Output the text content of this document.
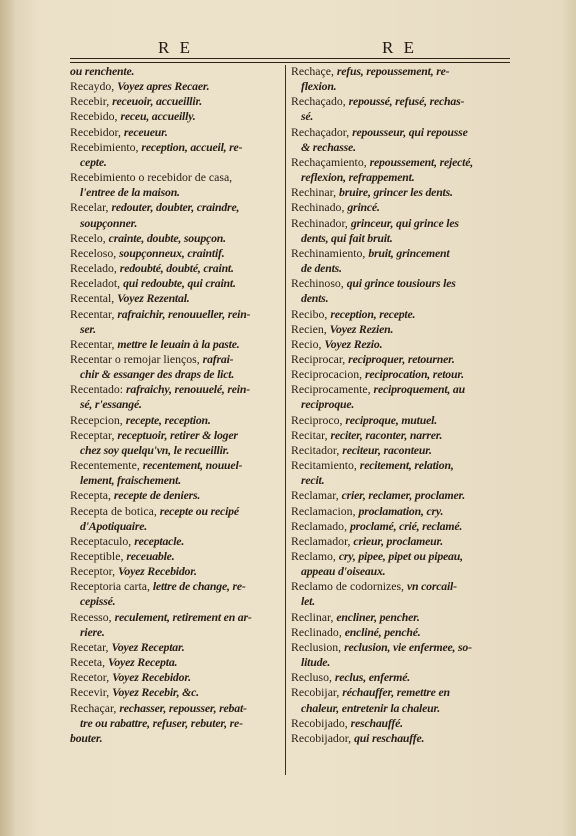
R E	R E
ou renchente.
Recaydo, Voyez apres Recaer.
Recebir, receuoir, accueillir.
Recebido, receu, accueilly.
Recebidor, receueur.
Recebimiento, reception, accueil, re-
cepte.
Recebimiento o recebidor de casa,
l'entree de la maison.
Recelar, redouter, doubter, craindre,
soupçonner.
Recelo, crainte, doubte, soupçon.
Receloso, soupçonneux, craintif.
Recelado, redoubté, doubté, craint.
Receladot, qui redoubte, qui craint.
Recental, Voyez Rezental.
Recentar, rafraichir, renouueller, rein-
ser.
Recentar, mettre le leuain à la paste.
Recentar o remojar lienços, rafrai-
chir & essanger des draps de lict.
Recentado: rafraichy, renouuelé, rein-
sé, r'essangé.
Recepcion, recepte, reception.
Receptar, receptuoir, retirer & loger
chez soy quelqu'vn, le recueillir.
Recentemente, recentement, nouuel-
lement, fraischement.
Recepta, recepte de deniers.
Recepta de botica, recepte ou recipé
d'Apotiquaire.
Receptaculo, receptacle.
Receptible, receuable.
Receptor, Voyez Recebidor.
Receptoria carta, lettre de change, re-
cepissé.
Recesso, reculement, retirement en ar-
riere.
Recetar, Voyez Receptar.
Receta, Voyez Recepta.
Recetor, Voyez Recebidor.
Recevir, Voyez Recebir, &c.
Rechaçar, rechasser, repousser, rebat-
tre ou rabattre, refuser, rebuter, re-
bouter.
Rechaçe, refus, repoussement, re-
flexion.
Rechaçado, repoussé, refusé, rechas-
sé.
Rechaçador, repousseur, qui repousse
& rechasse.
Rechaçamiento, repoussement, rejecté,
reflexion, refrappement.
Rechinar, bruire, grincer les dents.
Rechinado, grincé.
Rechinador, grinceur, qui grince les
dents, qui fait bruit.
Rechinamiento, bruit, grincement
de dents.
Rechinoso, qui grince tousiours les
dents.
Recibo, reception, recepte.
Recien, Voyez Rezien.
Recio, Voyez Rezio.
Reciprocar, reciproquer, retourner.
Reciprocacion, reciprocation, retour.
Reciprocamente, reciproquement, au
reciproque.
Reciproco, reciproque, mutuel.
Recitar, reciter, raconter, narrer.
Recitador, reciteur, raconteur.
Recitamiento, recitement, relation,
recit.
Reclamar, crier, reclamer, proclamer.
Reclamacion, proclamation, cry.
Reclamado, proclamé, crié, reclamé.
Reclamador, crieur, proclameur.
Reclamo, cry, pipee, pipet ou pipeau,
appeau d'oiseaux.
Reclamo de codornizes, vn corcail-
let.
Reclinar, encliner, pencher.
Reclinado, encliné, penché.
Reclusion, reclusion, vie enfermee, so-
litude.
Recluso, reclus, enfermé.
Recobijar, réchauffer, remettre en
chaleur, entretenir la chaleur.
Recobijado, reschauffé.
Recobijador, qui reschauffe.
